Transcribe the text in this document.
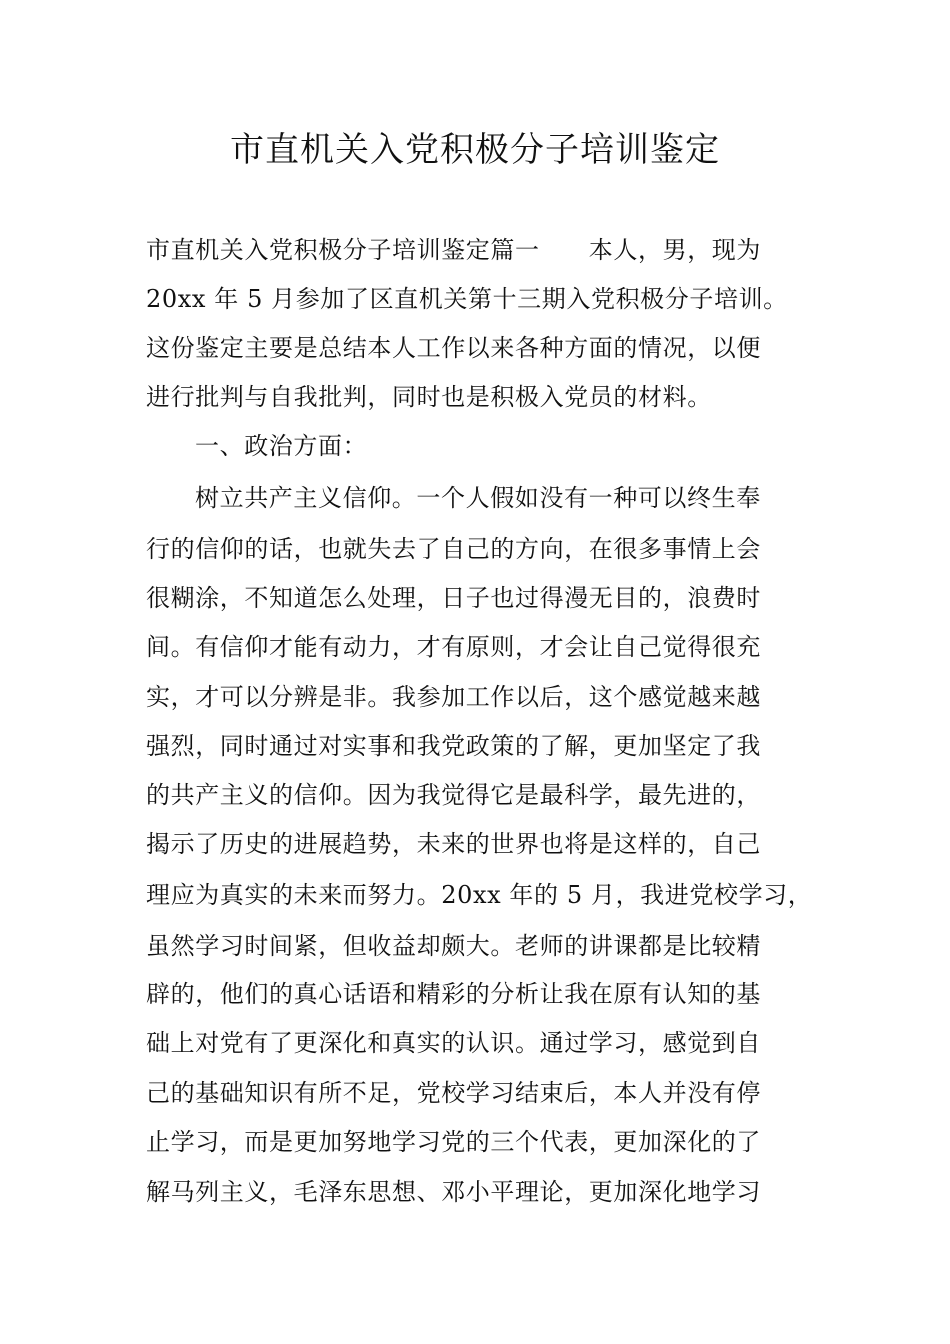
市直机关入党积极分子培训鉴定
市直机关入党积极分子培训鉴定篇一　　本人，男，现为
20xx 年 5 月参加了区直机关第十三期入党积极分子培训。
这份鉴定主要是总结本人工作以来各种方面的情况，以便
进行批判与自我批判，同时也是积极入党员的材料。
一、政治方面：
树立共产主义信仰。一个人假如没有一种可以终生奉
行的信仰的话，也就失去了自己的方向，在很多事情上会
很糊涂，不知道怎么处理，日子也过得漫无目的，浪费时
间。有信仰才能有动力，才有原则，才会让自己觉得很充
实，才可以分辨是非。我参加工作以后，这个感觉越来越
强烈，同时通过对实事和我党政策的了解，更加坚定了我
的共产主义的信仰。因为我觉得它是最科学，最先进的，
揭示了历史的进展趋势，未来的世界也将是这样的，自己
理应为真实的未来而努力。20xx 年的 5 月，我进党校学习，
虽然学习时间紧，但收益却颇大。老师的讲课都是比较精
辟的，他们的真心话语和精彩的分析让我在原有认知的基
础上对党有了更深化和真实的认识。通过学习，感觉到自
己的基础知识有所不足，党校学习结束后，本人并没有停
止学习，而是更加努地学习党的三个代表，更加深化的了
解马列主义，毛泽东思想、邓小平理论，更加深化地学习
